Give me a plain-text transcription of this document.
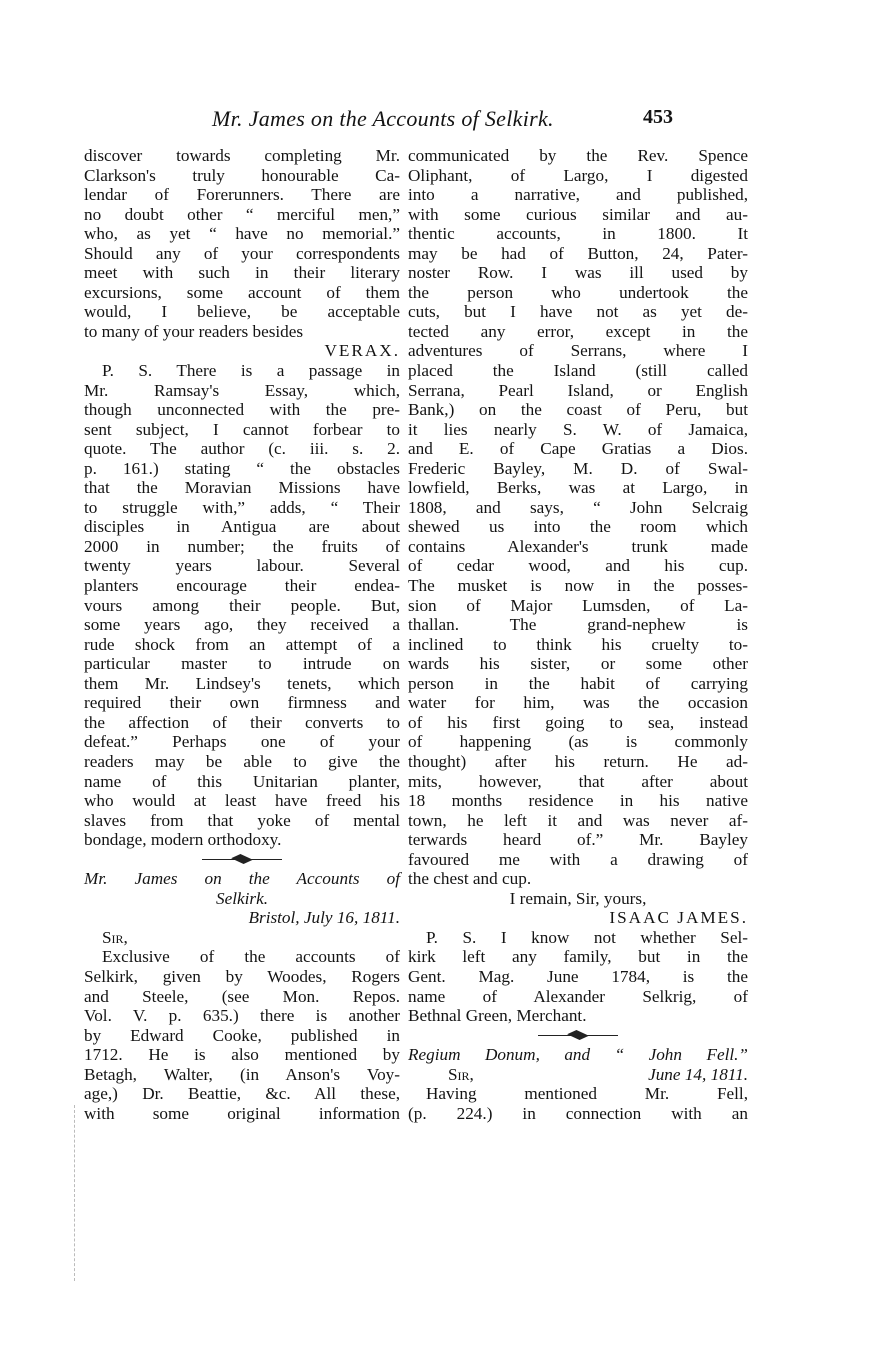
Mr. James on the Accounts of Selkirk.	453
discover towards completing Mr.
Clarkson's truly honourable Ca-
lendar of Forerunners. There are
no doubt other “ merciful men,”
who, as yet “ have no memorial.”
Should any of your correspondents
meet with such in their literary
excursions, some account of them
would, I believe, be acceptable
to many of your readers besides
VERAX.
P. S. There is a passage in
Mr. Ramsay's Essay, which,
though unconnected with the pre-
sent subject, I cannot forbear to
quote. The author (c. iii. s. 2.
p. 161.) stating “ the obstacles
that the Moravian Missions have
to struggle with,” adds, “ Their
disciples in Antigua are about
2000 in number; the fruits of
twenty years labour. Several
planters encourage their endea-
vours among their people. But,
some years ago, they received a
rude shock from an attempt of a
particular master to intrude on
them Mr. Lindsey's tenets, which
required their own firmness and
the affection of their converts to
defeat.” Perhaps one of your
readers may be able to give the
name of this Unitarian planter,
who would at least have freed his
slaves from that yoke of mental
bondage, modern orthodoxy.
Mr. James on the Accounts of
Selkirk.
Bristol, July 16, 1811.
Sir,
Exclusive of the accounts of
Selkirk, given by Woodes, Rogers
and Steele, (see Mon. Repos.
Vol. V. p. 635.) there is another
by Edward Cooke, published in
1712. He is also mentioned by
Betagh, Walter, (in Anson's Voy-
age,) Dr. Beattie, &c. All these,
with some original information
communicated by the Rev. Spence
Oliphant, of Largo, I digested
into a narrative, and published,
with some curious similar and au-
thentic accounts, in 1800. It
may be had of Button, 24, Pater-
noster Row. I was ill used by
the person who undertook the
cuts, but I have not as yet de-
tected any error, except in the
adventures of Serrans, where I
placed the Island (still called
Serrana, Pearl Island, or English
Bank,) on the coast of Peru, but
it lies nearly S. W. of Jamaica,
and E. of Cape Gratias a Dios.
Frederic Bayley, M. D. of Swal-
lowfield, Berks, was at Largo, in
1808, and says, “ John Selcraig
shewed us into the room which
contains Alexander's trunk made
of cedar wood, and his cup.
The musket is now in the posses-
sion of Major Lumsden, of La-
thallan. The grand-nephew is
inclined to think his cruelty to-
wards his sister, or some other
person in the habit of carrying
water for him, was the occasion
of his first going to sea, instead
of happening (as is commonly
thought) after his return. He ad-
mits, however, that after about
18 months residence in his native
town, he left it and was never af-
terwards heard of.” Mr. Bayley
favoured me with a drawing of
the chest and cup.
I remain, Sir, yours,
ISAAC JAMES.
P. S. I know not whether Sel-
kirk left any family, but in the
Gent. Mag. June 1784, is the
name of Alexander Selkrig, of
Bethnal Green, Merchant.
Regium Donum, and “ John Fell.”
Sir,	June 14, 1811.
Having mentioned Mr. Fell,
(p. 224.) in connection with an
